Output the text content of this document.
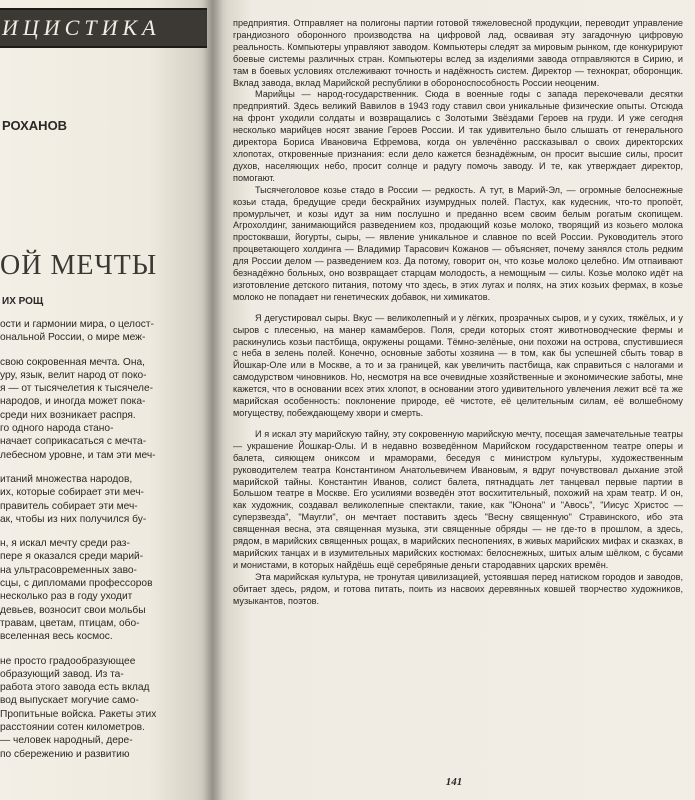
ИЦИСТИКА
РОХАНОВ
ОЙ МЕЧТЫ
ИХ РОЩ

ости и гармонии мира, о целост-

ональной России, о мире меж-

свою сокровенная мечта. Она,

уру, язык, велит народ от поко-

я — от тысячелетия к тысячеле-

народов, и иногда может пока-

среди них возникает распря.

го одного народа стано-

начает соприкасаться с мечта-

лебесном уровне, и там эти меч-

итаний множества народов,

их, которые собирает эти меч-

правитель собирает эти меч-

ак, чтобы из них получился бу-

н, я искал мечту среди раз-

пере я оказался среди марий-

на ультрасовременных заво-

сцы, с дипломами профессоров

несколько раз в году уходит

девьев, возносит свои мольбы

травам, цветам, птицам, обо-

вселенная весь космос.

не просто градообразующее

образующий завод. Из та-

работа этого завода есть вклад

вод выпускает могучие само-

Пропитьные войска. Ракеты этих

расстоянии сотен километров.

— человек народный, дере-

по сбережению и развитию

предприятия. Отправляет на полигоны партии готовой тяжеловесной продукции, переводит управление грандиозного оборонного производства на цифровой лад, осваивая эту загадочную цифровую реальность. Компьютеры управляют заводом. Компьютеры следят за мировым рынком, где конкурируют боевые системы различных стран. Компьютеры вслед за изделиями завода отправляются в Сирию, и там в боевых условиях отслеживают точность и надёжность систем. Директор — технократ, оборонщик. Вклад завода, вклад Марийской республики в обороноспособность России неоценим.

Марийцы — народ-государственник. Сюда в военные годы с запада перекочевали десятки предприятий. Здесь великий Вавилов в 1943 году ставил свои уникальные физические опыты. Отсюда на фронт уходили солдаты и возвращались с Золотыми Звёздами Героев на груди. И уже сегодня несколько марийцев носят звание Героев России. И так удивительно было слышать от генерального директора Бориса Ивановича Ефремова, когда он увлечённо рассказывал о своих директорских хлопотах, откровенные признания: если дело кажется безнадёжным, он просит высшие силы, просит духов, населяющих небо, просит солнце и радугу помочь заводу. И те, как утверждает директор, помогают.

Тысячеголовое козье стадо в России — редкость. А тут, в Марий-Эл, — огромные белоснежные козьи стада, бредущие среди бескрайних изумрудных полей. Пастух, как кудесник, что-то пропоёт, промурлычет, и козы идут за ним послушно и преданно всем своим белым рогатым скопищем. Агрохолдинг, занимающийся разведением коз, продающий козье молоко, творящий из козьего молока простокваши, йогурты, сыры, — явление уникальное и славное по всей России. Руководитель этого процветающего холдинга — Владимир Тарасович Кожанов — объясняет, почему занялся столь редким для России делом — разведением коз. Да потому, говорит он, что козье молоко целебно. Им отпаивают безнадёжно больных, оно возвращает старцам молодость, а немощным — силы. Козье молоко идёт на изготовление детского питания, потому что здесь, в этих лугах и полях, на этих козьих фермах, в козье молоко не попадает ни генетических добавок, ни химикатов.

Я дегустировал сыры. Вкус — великолепный и у лёгких, прозрачных сыров, и у сухих, тяжёлых, и у сыров с плесенью, на манер камамберов. Поля, среди которых стоят животноводческие фермы и раскинулись козьи пастбища, окружены рощами. Тёмно-зелёные, они похожи на острова, спустившиеся с неба в зелень полей. Конечно, основные заботы хозяина — в том, как бы успешней сбыть товар в Йошкар-Оле или в Москве, а то и за границей, как увеличить пастбища, как справиться с налогами и самодурством чиновников. Но, несмотря на все очевидные хозяйственные и экономические заботы, мне кажется, что в основании всех этих хлопот, в основании этого удивительного увлечения лежит всё та же марийская особенность: поклонение природе, её чистоте, её целительным силам, её волшебному могуществу, побеждающему хвори и смерть.

И я искал эту марийскую тайну, эту сокровенную марийскую мечту, посещая замечательные театры — украшение Йошкар-Олы. И в недавно возведённом Марийском государственном театре оперы и балета, сияющем ониксом и мраморами, беседуя с министром культуры, художественным руководителем театра Константином Анатольевичем Ивановым, я вдруг почувствовал дыхание этой марийской тайны. Константин Иванов, солист балета, пятнадцать лет танцевал первые партии в Большом театре в Москве. Его усилиями возведён этот восхитительный, похожий на храм театр. И он, как художник, создавал великолепные спектакли, такие, как "Юнона" и "Авось", "Иисус Христос — суперзвезда", "Маугли", он мечтает поставить здесь "Весну священную" Стравинского, ибо эта священная весна, эта священная музыка, эти священные обряды — не где-то в прошлом, а здесь, рядом, в марийских священных рощах, в марийских песнопениях, в живых марийских мифах и сказках, в марийских танцах и в изумительных марийских костюмах: белоснежных, шитых алым шёлком, с бусами и монистами, в которых найдёшь ещё серебряные деньги стародавних царских времён.

Эта марийская культура, не тронутая цивилизацией, устоявшая перед натиском городов и заводов, обитает здесь, рядом, и готова питать, поить из насвоих деревянных ковшей творчество художников, музыкантов, поэтов.

141
